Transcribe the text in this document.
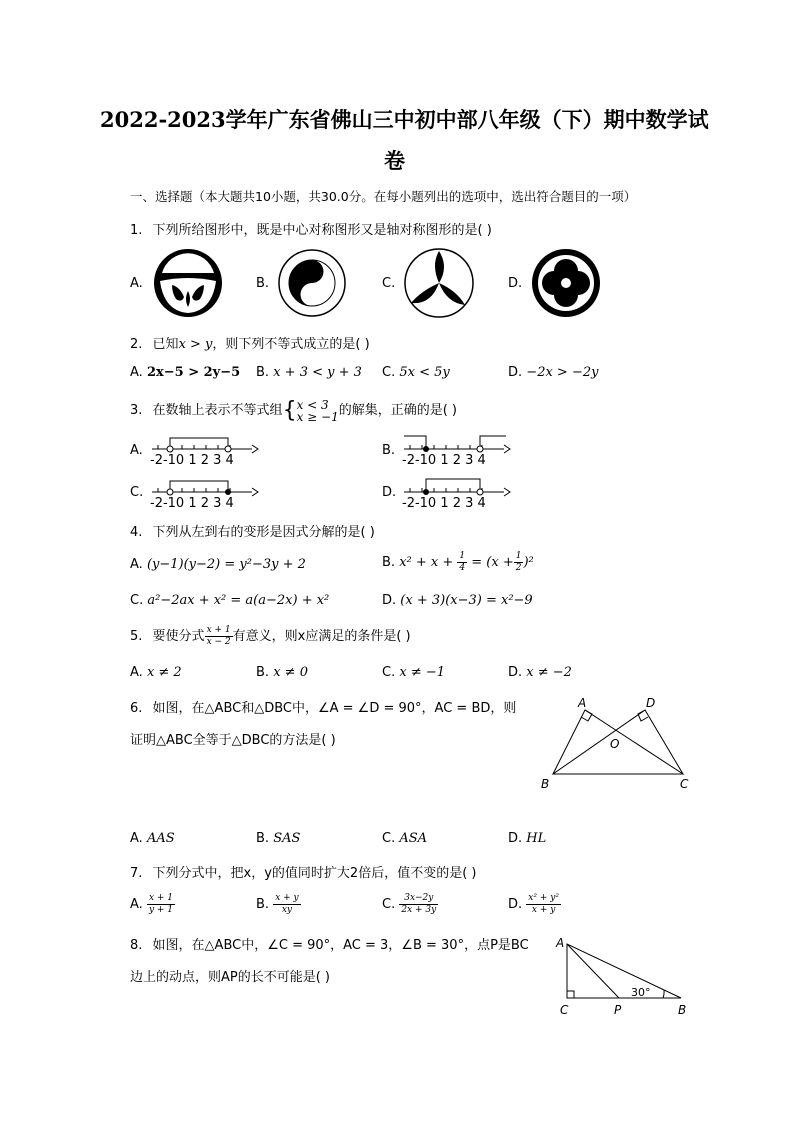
2022-2023学年广东省佛山三中初中部八年级（下）期中数学试
卷
一、选择题（本大题共10小题，共30.0分。在每小题列出的选项中，选出符合题目的一项）
1. 下列所给图形中，既是中心对称图形又是轴对称图形的是( )
A.	B.	C.	D.
2. 已知x > y，则下列不等式成立的是( )
A. 2x−5 > 2y−5 B. x + 3 < y + 3 C. 5x < 5y	D. −2x > −2y
3. 在数轴上表示不等式组{ x < 3
x ≥ −1 的解集，正确的是( )
A.	B.
C.	D.
-2-10 1 2 3 4	-2-10 1 2 3 4
-2-10 1 2 3 4	-2-10 1 2 3 4
4. 下列从左到右的变形是因式分解的是( )
A. (y−1)(y−2) = y²−3y + 2	B. $x^2 + x + \frac{1}{4} = (x + \frac{1}{2} )^2$
C. a²−2ax + x² = a(a−2x) + x²	D. (x + 3)(x−3) = x²−9
5. 要使分式 $\frac{x + 1}{x - 2}$ 有意义，则x应满足的条件是( )
A. x ≠ 2	B. x ≠ 0	C. x ≠ −1	D. x ≠ −2
6. 如图，在△ABC和△DBC中，∠A = ∠D = 90°，AC = BD，则
证明△ABC全等于△DBC的方法是( )
A	D
O
B	C
A. AAS	B. SAS	C. ASA	D. HL
7. 下列分式中，把x，y的值同时扩大2倍后，值不变的是( )
A. $\frac{x + 1}{y + 1}$	B. $\frac{x + y}{xy}$	C. $\frac{3x-2y}{2x + 3y}$	D. $\frac{\text{x² + y²}}{x + y}$
8. 如图，在△ABC中，∠C = 90°，AC = 3，∠B = 30°，点P是BC
边上的动点，则AP的长不可能是( )
A
C	P	B
30°
